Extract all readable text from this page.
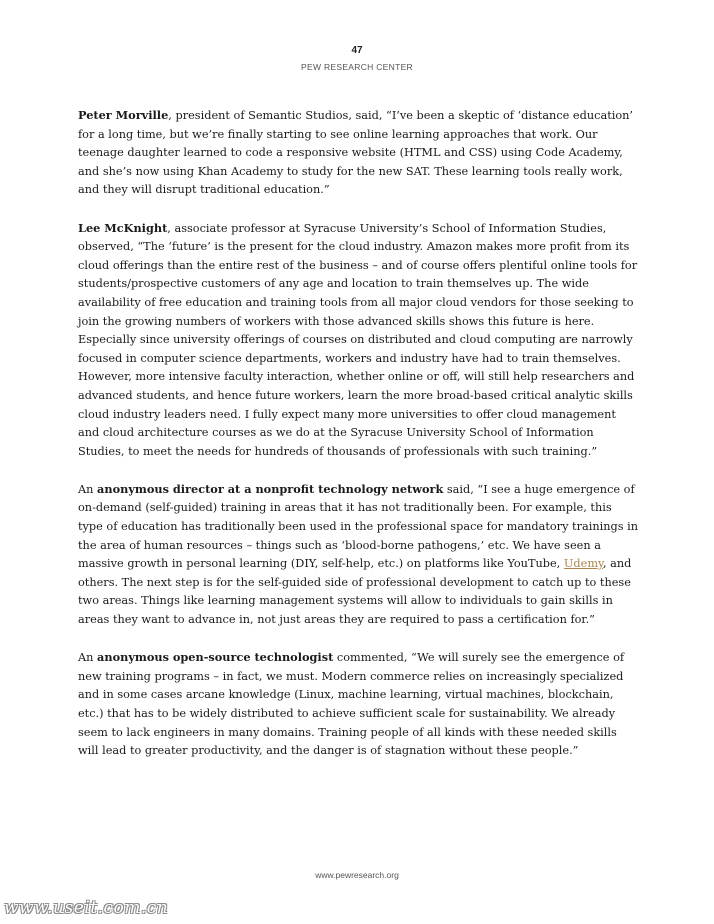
47
PEW RESEARCH CENTER

Peter Morville, president of Semantic Studios, said, “I’ve been a skeptic of ‘distance education’ for a long time, but we’re finally starting to see online learning approaches that work. Our teenage daughter learned to code a responsive website (HTML and CSS) using Code Academy, and she’s now using Khan Academy to study for the new SAT. These learning tools really work, and they will disrupt traditional education.”

Lee McKnight, associate professor at Syracuse University’s School of Information Studies, observed, “The ‘future’ is the present for the cloud industry. Amazon makes more profit from its cloud offerings than the entire rest of the business – and of course offers plentiful online tools for students/prospective customers of any age and location to train themselves up. The wide availability of free education and training tools from all major cloud vendors for those seeking to join the growing numbers of workers with those advanced skills shows this future is here. Especially since university offerings of courses on distributed and cloud computing are narrowly focused in computer science departments, workers and industry have had to train themselves. However, more intensive faculty interaction, whether online or off, will still help researchers and advanced students, and hence future workers, learn the more broad-based critical analytic skills cloud industry leaders need. I fully expect many more universities to offer cloud management and cloud architecture courses as we do at the Syracuse University School of Information Studies, to meet the needs for hundreds of thousands of professionals with such training.”

An anonymous director at a nonprofit technology network said, “I see a huge emergence of on-demand (self-guided) training in areas that it has not traditionally been. For example, this type of education has traditionally been used in the professional space for mandatory trainings in the area of human resources – things such as ‘blood-borne pathogens,’ etc. We have seen a massive growth in personal learning (DIY, self-help, etc.) on platforms like YouTube, Udemy, and others. The next step is for the self-guided side of professional development to catch up to these two areas. Things like learning management systems will allow to individuals to gain skills in areas they want to advance in, not just areas they are required to pass a certification for.”

An anonymous open-source technologist commented, “We will surely see the emergence of new training programs – in fact, we must. Modern commerce relies on increasingly specialized and in some cases arcane knowledge (Linux, machine learning, virtual machines, blockchain, etc.) that has to be widely distributed to achieve sufficient scale for sustainability. We already seem to lack engineers in many domains. Training people of all kinds with these needed skills will lead to greater productivity, and the danger is of stagnation without these people.”

www.pewresearch.org
www.useit.com.cn
